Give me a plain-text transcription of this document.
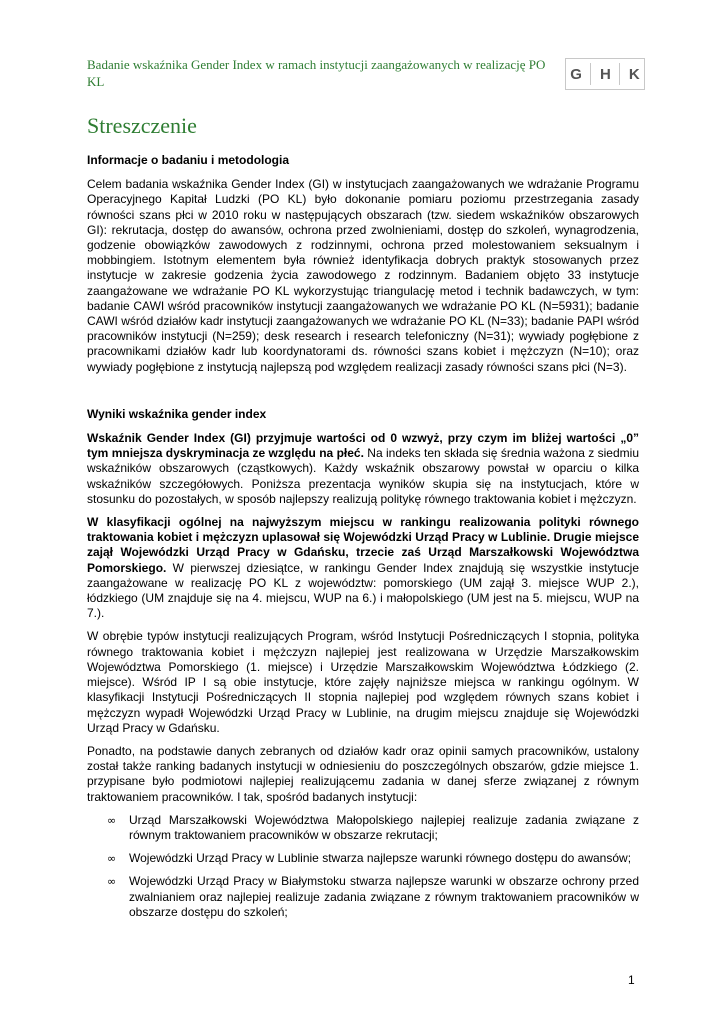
Badanie wskaźnika Gender Index w ramach instytucji zaangażowanych w realizację PO KL	G H K
Streszczenie
Informacje o badaniu i metodologia

Celem badania wskaźnika Gender Index (GI) w instytucjach zaangażowanych we wdrażanie Programu Operacyjnego Kapitał Ludzki (PO KL) było dokonanie pomiaru poziomu przestrzegania zasady równości szans płci w 2010 roku w następujących obszarach (tzw. siedem wskaźników obszarowych GI): rekrutacja, dostęp do awansów, ochrona przed zwolnieniami, dostęp do szkoleń, wynagrodzenia, godzenie obowiązków zawodowych z rodzinnymi, ochrona przed molestowaniem seksualnym i mobbingiem. Istotnym elementem była również identyfikacja dobrych praktyk stosowanych przez instytucje w zakresie godzenia życia zawodowego z rodzinnym. Badaniem objęto 33 instytucje zaangażowane we wdrażanie PO KL wykorzystując triangulację metod i technik badawczych, w tym: badanie CAWI wśród pracowników instytucji zaangażowanych we wdrażanie PO KL (N=5931); badanie CAWI wśród działów kadr instytucji zaangażowanych we wdrażanie PO KL (N=33); badanie PAPI wśród pracowników instytucji (N=259); desk research i research telefoniczny (N=31); wywiady pogłębione z pracownikami działów kadr lub koordynatorami ds. równości szans kobiet i mężczyzn (N=10); oraz wywiady pogłębione z instytucją najlepszą pod względem realizacji zasady równości szans płci (N=3).

Wyniki wskaźnika gender index

Wskaźnik Gender Index (GI) przyjmuje wartości od 0 wzwyż, przy czym im bliżej wartości „0” tym mniejsza dyskryminacja ze względu na płeć. Na indeks ten składa się średnia ważona z siedmiu wskaźników obszarowych (cząstkowych). Każdy wskaźnik obszarowy powstał w oparciu o kilka wskaźników szczegółowych. Poniższa prezentacja wyników skupia się na instytucjach, które w stosunku do pozostałych, w sposób najlepszy realizują politykę równego traktowania kobiet i mężczyzn.

W klasyfikacji ogólnej na najwyższym miejscu w rankingu realizowania polityki równego traktowania kobiet i mężczyzn uplasował się Wojewódzki Urząd Pracy w Lublinie. Drugie miejsce zajął Wojewódzki Urząd Pracy w Gdańsku, trzecie zaś Urząd Marszałkowski Województwa Pomorskiego. W pierwszej dziesiątce, w rankingu Gender Index znajdują się wszystkie instytucje zaangażowane w realizację PO KL z województw: pomorskiego (UM zajął 3. miejsce WUP 2.), łódzkiego (UM znajduje się na 4. miejscu, WUP na 6.) i małopolskiego (UM jest na 5. miejscu, WUP na 7.).

W obrębie typów instytucji realizujących Program, wśród Instytucji Pośredniczących I stopnia, polityka równego traktowania kobiet i mężczyzn najlepiej jest realizowana w Urzędzie Marszałkowskim Województwa Pomorskiego (1. miejsce) i Urzędzie Marszałkowskim Województwa Łódzkiego (2. miejsce). Wśród IP I są obie instytucje, które zajęły najniższe miejsca w rankingu ogólnym. W klasyfikacji Instytucji Pośredniczących II stopnia najlepiej pod względem równych szans kobiet i mężczyzn wypadł Wojewódzki Urząd Pracy w Lublinie, na drugim miejscu znajduje się Wojewódzki Urząd Pracy w Gdańsku.

Ponadto, na podstawie danych zebranych od działów kadr oraz opinii samych pracowników, ustalony został także ranking badanych instytucji w odniesieniu do poszczególnych obszarów, gdzie miejsce 1. przypisane było podmiotowi najlepiej realizującemu zadania w danej sferze związanej z równym traktowaniem pracowników. I tak, spośród badanych instytucji:

∞ Urząd Marszałkowski Województwa Małopolskiego najlepiej realizuje zadania związane z równym traktowaniem pracowników w obszarze rekrutacji;
∞ Wojewódzki Urząd Pracy w Lublinie stwarza najlepsze warunki równego dostępu do awansów;
∞ Wojewódzki Urząd Pracy w Białymstoku stwarza najlepsze warunki w obszarze ochrony przed zwalnianiem oraz najlepiej realizuje zadania związane z równym traktowaniem pracowników w obszarze dostępu do szkoleń;
1
